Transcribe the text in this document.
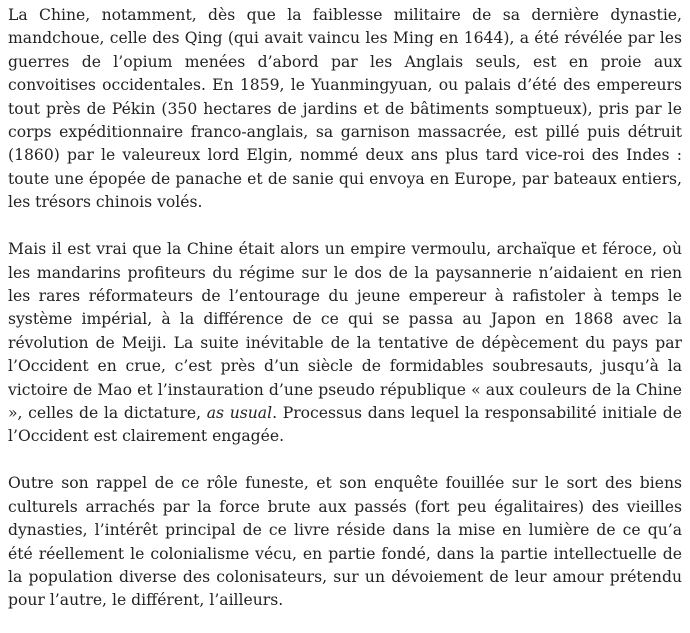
La Chine, notamment, dès que la faiblesse militaire de sa dernière dynastie, mandchoue, celle des Qing (qui avait vaincu les Ming en 1644), a été révélée par les guerres de l’opium menées d’abord par les Anglais seuls, est en proie aux convoitises occidentales. En 1859, le Yuanmingyuan, ou palais d’été des empereurs tout près de Pékin (350 hectares de jardins et de bâtiments somptueux), pris par le corps expéditionnaire franco-anglais, sa garnison massacrée, est pillé puis détruit (1860) par le valeureux lord Elgin, nommé deux ans plus tard vice-roi des Indes : toute une épopée de panache et de sanie qui envoya en Europe, par bateaux entiers, les trésors chinois volés.

Mais il est vrai que la Chine était alors un empire vermoulu, archaïque et féroce, où les mandarins profiteurs du régime sur le dos de la paysannerie n’aidaient en rien les rares réformateurs de l’entourage du jeune empereur à rafistoler à temps le système impérial, à la différence de ce qui se passa au Japon en 1868 avec la révolution de Meiji. La suite inévitable de la tentative de dépècement du pays par l’Occident en crue, c’est près d’un siècle de formidables soubresauts, jusqu’à la victoire de Mao et l’instauration d’une pseudo république « aux couleurs de la Chine », celles de la dictature, as usual. Processus dans lequel la responsabilité initiale de l’Occident est clairement engagée.

Outre son rappel de ce rôle funeste, et son enquête fouillée sur le sort des biens culturels arrachés par la force brute aux passés (fort peu égalitaires) des vieilles dynasties, l’intérêt principal de ce livre réside dans la mise en lumière de ce qu’a été réellement le colonialisme vécu, en partie fondé, dans la partie intellectuelle de la population diverse des colonisateurs, sur un dévoiement de leur amour prétendu pour l’autre, le différent, l’ailleurs.
